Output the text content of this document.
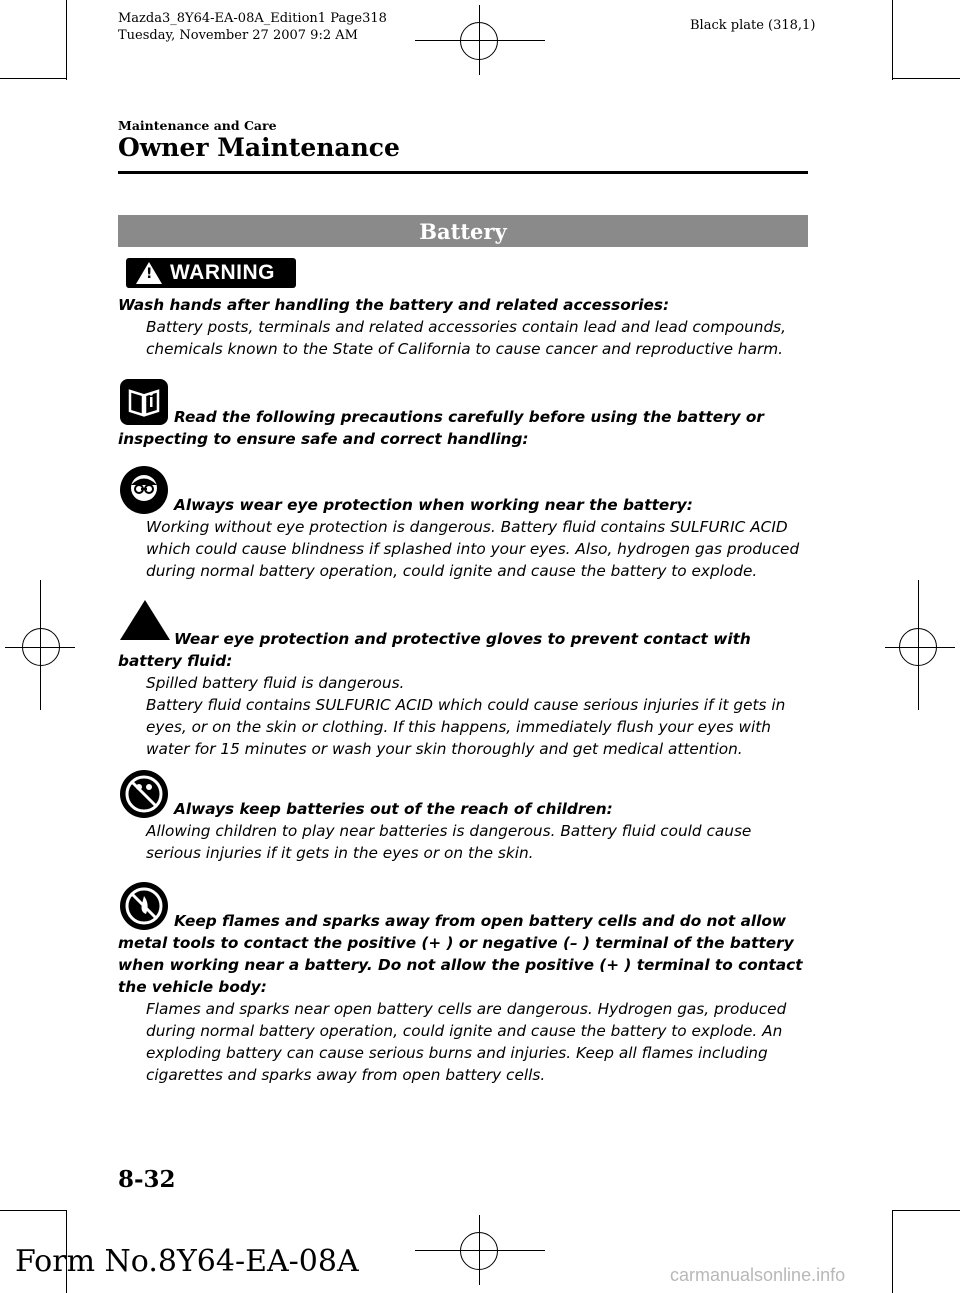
Mazda3_8Y64-EA-08A_Edition1 Page318
Tuesday, November 27 2007 9:2 AM
Black plate (318,1)
Maintenance and Care
Owner Maintenance
Battery
! WARNING
Wash hands after handling the battery and related accessories:
Battery posts, terminals and related accessories contain lead and lead compounds, chemicals known to the State of California to cause cancer and reproductive harm.
Read the following precautions carefully before using the battery or inspecting to ensure safe and correct handling:
Always wear eye protection when working near the battery:
Working without eye protection is dangerous. Battery fluid contains SULFURIC ACID which could cause blindness if splashed into your eyes. Also, hydrogen gas produced during normal battery operation, could ignite and cause the battery to explode.
Wear eye protection and protective gloves to prevent contact with battery fluid:
Spilled battery fluid is dangerous.
Battery fluid contains SULFURIC ACID which could cause serious injuries if it gets in eyes, or on the skin or clothing. If this happens, immediately flush your eyes with water for 15 minutes or wash your skin thoroughly and get medical attention.
Always keep batteries out of the reach of children:
Allowing children to play near batteries is dangerous. Battery fluid could cause serious injuries if it gets in the eyes or on the skin.
Keep flames and sparks away from open battery cells and do not allow metal tools to contact the positive (+ ) or negative (– ) terminal of the battery when working near a battery. Do not allow the positive (+ ) terminal to contact the vehicle body:
Flames and sparks near open battery cells are dangerous. Hydrogen gas, produced during normal battery operation, could ignite and cause the battery to explode. An exploding battery can cause serious burns and injuries. Keep all flames including cigarettes and sparks away from open battery cells.
8-32
Form No.8Y64-EA-08A	carmanualsonline.info
